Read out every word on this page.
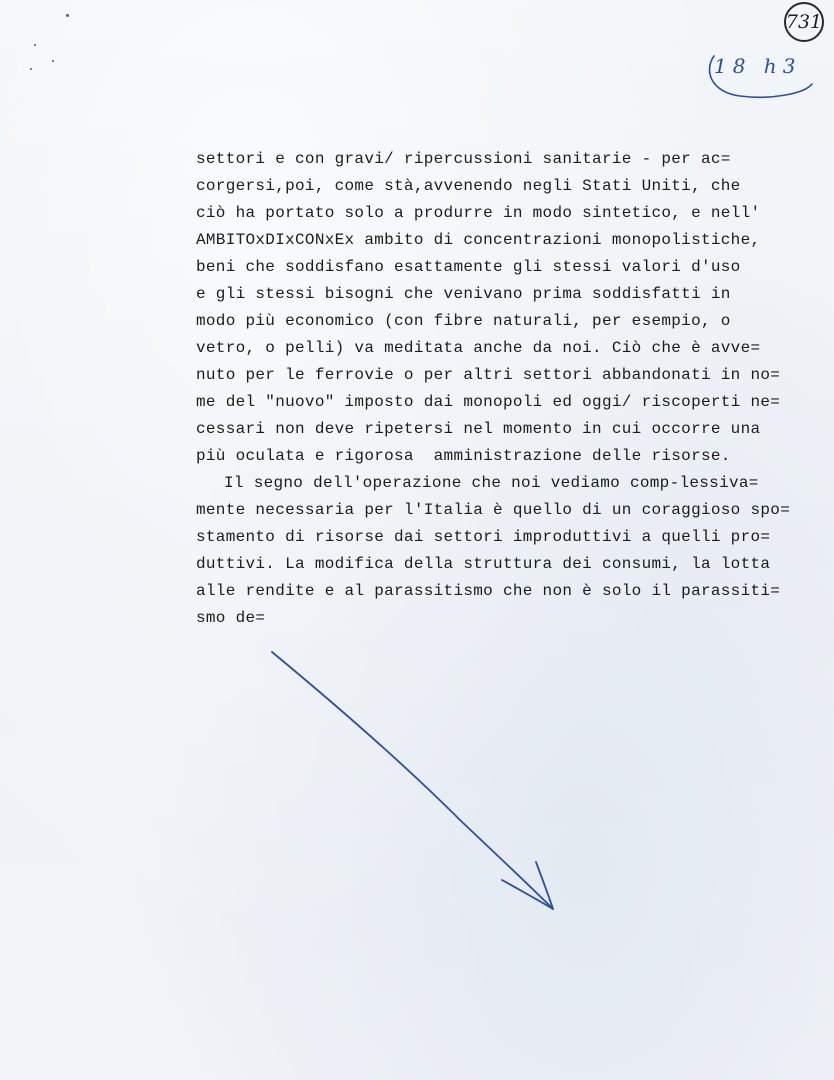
731
18 h3
settori e con gravi/ ripercussioni sanitarie - per ac=
corgersi,poi, come stà,avvenendo negli Stati Uniti, che
ciò ha portato solo a produrre in modo sintetico, e nell'
AMBITOxDIxCONxEx ambito di concentrazioni monopolistiche,
beni che soddisfano esattamente gli stessi valori d'uso
e gli stessi bisogni che venivano prima soddisfatti in
modo più economico (con fibre naturali, per esempio, o
vetro, o pelli) va meditata anche da noi. Ciò che è avve=
nuto per le ferrovie o per altri settori abbandonati in no=
me del "nuovo" imposto dai monopoli ed oggi/ riscoperti ne=
cessari non deve ripetersi nel momento in cui occorre una
più oculata e rigorosa  amministrazione delle risorse.
Il segno dell'operazione che noi vediamo comp-lessiva=
mente necessaria per l'Italia è quello di un coraggioso spo=
stamento di risorse dai settori improduttivi a quelli pro=
duttivi. La modifica della struttura dei consumi, la lotta
alle rendite e al parassitismo che non è solo il parassiti=
smo de=
